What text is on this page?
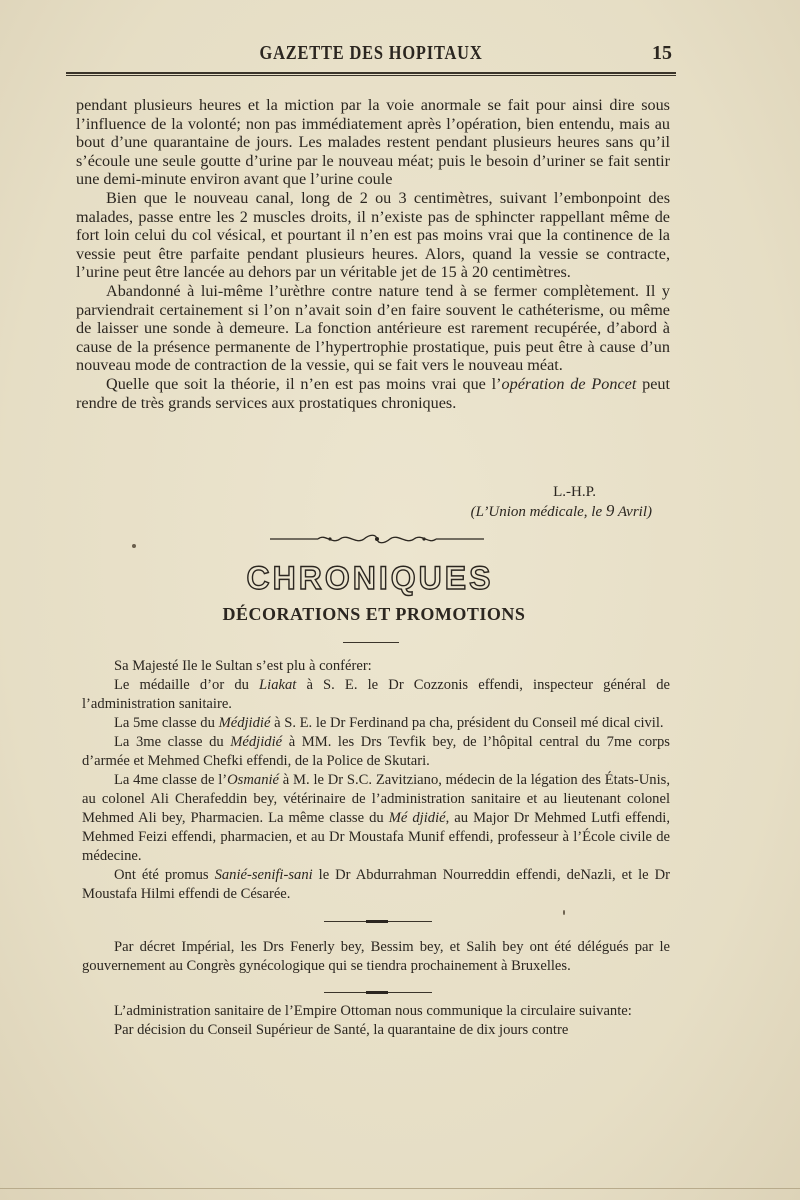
GAZETTE DES HOPITAUX	15

pendant plusieurs heures et la miction par la voie anormale se fait pour ainsi dire sous l’influence de la volonté; non pas immédiatement après l’opération, bien entendu, mais au bout d’une quarantaine de jours. Les malades restent pendant plusieurs heures sans qu’il s’écoule une seule goutte d’urine par le nouveau méat; puis le besoin d’uriner se fait sentir une demi-minute environ avant que l’urine coule

Bien que le nouveau canal, long de 2 ou 3 centimètres, suivant l’embonpoint des malades, passe entre les 2 muscles droits, il n’existe pas de sphincter rappellant même de fort loin celui du col vésical, et pourtant il n’en est pas moins vrai que la continence de la vessie peut être parfaite pendant plusieurs heures. Alors, quand la vessie se contracte, l’urine peut être lancée au dehors par un véritable jet de 15 à 20 centimètres.

Abandonné à lui-même l’urèthre contre nature tend à se fermer complètement. Il y parviendrait certainement si l’on n’avait soin d’en faire souvent le cathéterisme, ou même de laisser une sonde à demeure. La fonction antérieure est rarement recupérée, d’abord à cause de la présence permanente de l’hypertrophie prostatique, puis peut être à cause d’un nouveau mode de contraction de la vessie, qui se fait vers le nouveau méat.

Quelle que soit la théorie, il n’en est pas moins vrai que l’opération de Poncet peut rendre de très grands services aux prostatiques chroniques.

L.-H.P.
(L’Union médicale, le 9 Avril)
CHRONIQUES
DÉCORATIONS ET PROMOTIONS

Sa Majesté Ile le Sultan s’est plu à conférer:

Le médaille d’or du Liakat à S. E. le Dr Cozzonis effendi, inspecteur général de l’administration sanitaire.

La 5me classe du Médjidié à S. E. le Dr Ferdinand pa cha, président du Conseil mé dical civil.

La 3me classe du Médjidié à MM. les Drs Tevfik bey, de l’hôpital central du 7me corps d’armée et Mehmed Chefki effendi, de la Police de Skutari.

La 4me classe de l’Osmanié à M. le Dr S.C. Zavitziano, médecin de la légation des États-Unis, au colonel Ali Cherafeddin bey, vétérinaire de l’administration sanitaire et au lieutenant colonel Mehmed Ali bey, Pharmacien. La même classe du Mé djidié, au Major Dr Mehmed Lutfi effendi, Mehmed Feizi effendi, pharmacien, et au Dr Moustafa Munif effendi, professeur à l’École civile de médecine.

Ont été promus Sanié-senifi-sani le Dr Abdurrahman Nourreddin effendi, deNazli, et le Dr Moustafa Hilmi effendi de Césarée.

Par décret Impérial, les Drs Fenerly bey, Bessim bey, et Salih bey ont été délégués par le gouvernement au Congrès gynécologique qui se tiendra prochainement à Bruxelles.

L’administration sanitaire de l’Empire Ottoman nous communique la circulaire suivante:

Par décision du Conseil Supérieur de Santé, la quarantaine de dix jours contre
